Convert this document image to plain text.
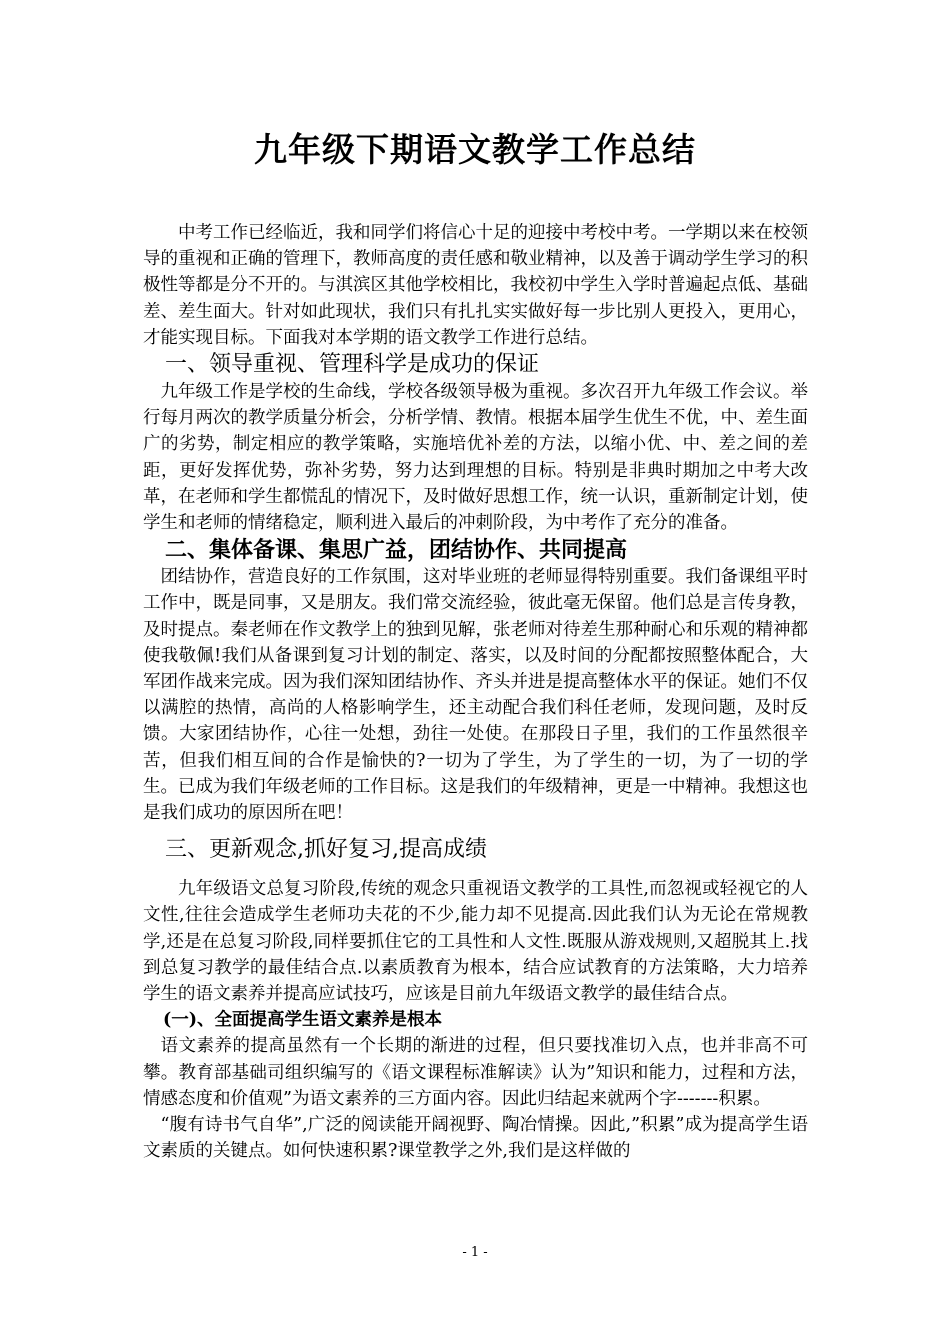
九年级下期语文教学工作总结

中考工作已经临近，我和同学们将信心十足的迎接中考校中考。一学期以来在校领导的重视和正确的管理下，教师高度的责任感和敬业精神，以及善于调动学生学习的积极性等都是分不开的。与淇滨区其他学校相比，我校初中学生入学时普遍起点低、基础差、差生面大。针对如此现状，我们只有扎扎实实做好每一步比别人更投入，更用心，才能实现目标。下面我对本学期的语文教学工作进行总结。

一、领导重视、管理科学是成功的保证

九年级工作是学校的生命线，学校各级领导极为重视。多次召开九年级工作会议。举行每月两次的教学质量分析会，分析学情、教情。根据本届学生优生不优，中、差生面广的劣势，制定相应的教学策略，实施培优补差的方法，以缩小优、中、差之间的差距，更好发挥优势，弥补劣势，努力达到理想的目标。特别是非典时期加之中考大改革，在老师和学生都慌乱的情况下，及时做好思想工作，统一认识，重新制定计划，使学生和老师的情绪稳定，顺利进入最后的冲刺阶段，为中考作了充分的准备。

二、集体备课、集思广益，团结协作、共同提高

团结协作，营造良好的工作氛围，这对毕业班的老师显得特别重要。我们备课组平时工作中，既是同事，又是朋友。我们常交流经验，彼此毫无保留。他们总是言传身教，及时提点。秦老师在作文教学上的独到见解，张老师对待差生那种耐心和乐观的精神都使我敬佩!我们从备课到复习计划的制定、落实，以及时间的分配都按照整体配合，大军团作战来完成。因为我们深知团结协作、齐头并进是提高整体水平的保证。她们不仅以满腔的热情，高尚的人格影响学生，还主动配合我们科任老师，发现问题，及时反馈。大家团结协作，心往一处想，劲往一处使。在那段日子里，我们的工作虽然很辛苦，但我们相互间的合作是愉快的?一切为了学生，为了学生的一切，为了一切的学生。已成为我们年级老师的工作目标。这是我们的年级精神，更是一中精神。我想这也是我们成功的原因所在吧！

三、更新观念,抓好复习,提高成绩

九年级语文总复习阶段,传统的观念只重视语文教学的工具性,而忽视或轻视它的人文性,往往会造成学生老师功夫花的不少,能力却不见提高.因此我们认为无论在常规教学,还是在总复习阶段,同样要抓住它的工具性和人文性.既服从游戏规则,又超脱其上.找到总复习教学的最佳结合点.以素质教育为根本，结合应试教育的方法策略，大力培养学生的语文素养并提高应试技巧，应该是目前九年级语文教学的最佳结合点。

(一)、全面提高学生语文素养是根本

语文素养的提高虽然有一个长期的渐进的过程，但只要找准切入点，也并非高不可攀。教育部基础司组织编写的《语文课程标准解读》认为”知识和能力，过程和方法，情感态度和价值观”为语文素养的三方面内容。因此归结起来就两个字-------积累。

“腹有诗书气自华”,广泛的阅读能开阔视野、陶冶情操。因此,”积累”成为提高学生语文素质的关键点。如何快速积累?课堂教学之外,我们是这样做的

- 1 -
